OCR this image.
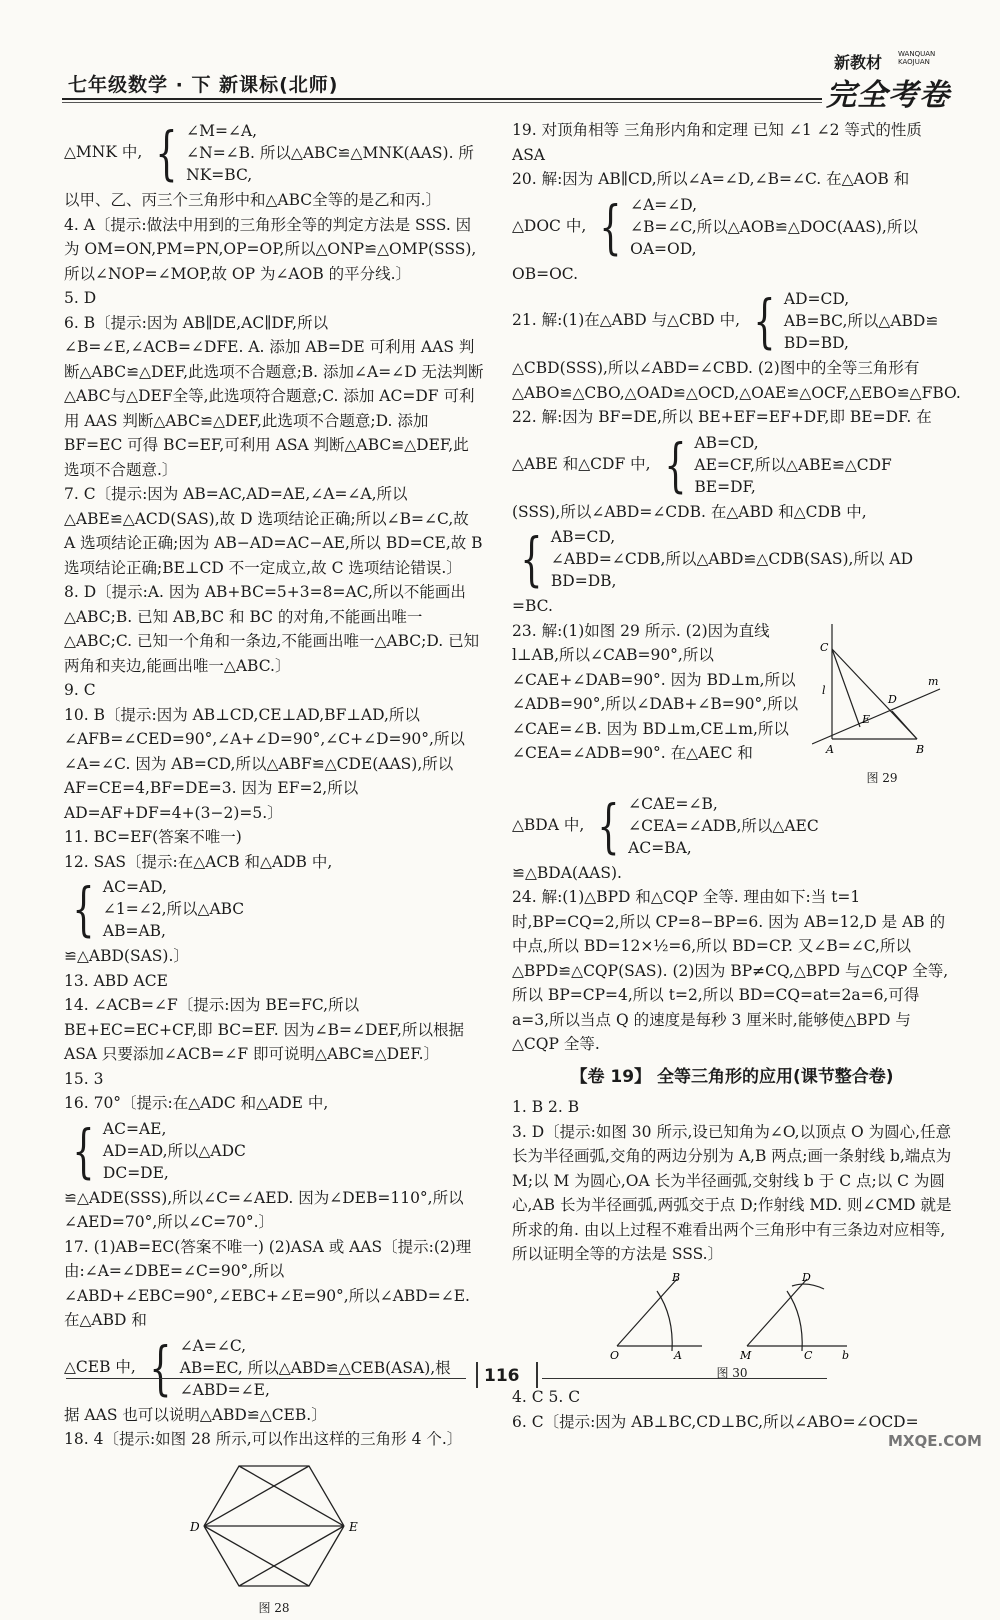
七年级数学 · 下 新课标(北师)
新教材 WANQUAN KAOJUAN
完全考卷
△MNK 中, { ∠M=∠A,
∠N=∠B. 所以△ABC≌△MNK(AAS). 所
NK=BC,
以甲、乙、丙三个三角形中和△ABC全等的是乙和丙.〕
4. A〔提示:做法中用到的三角形全等的判定方法是 SSS. 因为 OM=ON,PM=PN,OP=OP,所以△ONP≌△OMP(SSS),所以∠NOP=∠MOP,故 OP 为∠AOB 的平分线.〕
5. D
6. B〔提示:因为 AB∥DE,AC∥DF,所以∠B=∠E,∠ACB=∠DFE. A. 添加 AB=DE 可利用 AAS 判断△ABC≌△DEF,此选项不合题意;B. 添加∠A=∠D 无法判断△ABC与△DEF全等,此选项符合题意;C. 添加 AC=DF 可利用 AAS 判断△ABC≌△DEF,此选项不合题意;D. 添加 BF=EC 可得 BC=EF,可利用 ASA 判断△ABC≌△DEF,此选项不合题意.〕
7. C〔提示:因为 AB=AC,AD=AE,∠A=∠A,所以△ABE≌△ACD(SAS),故 D 选项结论正确;所以∠B=∠C,故 A 选项结论正确;因为 AB−AD=AC−AE,所以 BD=CE,故 B 选项结论正确;BE⊥CD 不一定成立,故 C 选项结论错误.〕
8. D〔提示:A. 因为 AB+BC=5+3=8=AC,所以不能画出△ABC;B. 已知 AB,BC 和 BC 的对角,不能画出唯一△ABC;C. 已知一个角和一条边,不能画出唯一△ABC;D. 已知两角和夹边,能画出唯一△ABC.〕
9. C
10. B〔提示:因为 AB⊥CD,CE⊥AD,BF⊥AD,所以∠AFB=∠CED=90°,∠A+∠D=90°,∠C+∠D=90°,所以∠A=∠C. 因为 AB=CD,所以△ABF≌△CDE(AAS),所以 AF=CE=4,BF=DE=3. 因为 EF=2,所以 AD=AF+DF=4+(3−2)=5.〕
11. BC=EF(答案不唯一)
12. SAS〔提示:在△ACB 和△ADB 中,
{ AC=AD,
∠1=∠2,所以△ABC
AB=AB,
≌△ABD(SAS).〕
13. ABD ACE
14. ∠ACB=∠F〔提示:因为 BE=FC,所以 BE+EC=EC+CF,即 BC=EF. 因为∠B=∠DEF,所以根据 ASA 只要添加∠ACB=∠F 即可说明△ABC≌△DEF.〕
15. 3
16. 70°〔提示:在△ADC 和△ADE 中,
{ AC=AE,
AD=AD,所以△ADC
DC=DE,
≌△ADE(SSS),所以∠C=∠AED. 因为∠DEB=110°,所以∠AED=70°,所以∠C=70°.〕
17. (1)AB=EC(答案不唯一) (2)ASA 或 AAS〔提示:(2)理由:∠A=∠DBE=∠C=90°,所以∠ABD+∠EBC=90°,∠EBC+∠E=90°,所以∠ABD=∠E. 在△ABD 和
△CEB 中, { ∠A=∠C,
AB=EC, 所以△ABD≌△CEB(ASA),根
∠ABD=∠E,
据 AAS 也可以说明△ABD≌△CEB.〕
18. 4〔提示:如图 28 所示,可以作出这样的三角形 4 个.〕
D	E
图 28
19. 对顶角相等 三角形内角和定理 已知 ∠1 ∠2 等式的性质 ASA
20. 解:因为 AB∥CD,所以∠A=∠D,∠B=∠C. 在△AOB 和
△DOC 中, { ∠A=∠D,
∠B=∠C,所以△AOB≌△DOC(AAS),所以
OA=OD,
OB=OC.
21. 解:(1)在△ABD 与△CBD 中, { AD=CD,
AB=BC,所以△ABD≌
BD=BD,
△CBD(SSS),所以∠ABD=∠CBD. (2)图中的全等三角形有△ABO≌△CBO,△OAD≌△OCD,△OAE≌△OCF,△EBO≌△FBO.
22. 解:因为 BF=DE,所以 BE+EF=EF+DF,即 BE=DF. 在
△ABE 和△CDF 中, { AB=CD,
AE=CF,所以△ABE≌△CDF
BE=DF,
(SSS),所以∠ABD=∠CDB. 在△ABD 和△CDB 中,
{ AB=CD,
∠ABD=∠CDB,所以△ABD≌△CDB(SAS),所以 AD
BD=DB,
=BC.
23. 解:(1)如图 29 所示. (2)因为直线 l⊥AB,所以∠CAB=90°,所以∠CAE+∠DAB=90°. 因为 BD⊥m,所以∠ADB=90°,所以∠DAB+∠B=90°,所以∠CAE=∠B. 因为 BD⊥m,CE⊥m,所以∠CEA=∠ADB=90°. 在△AEC 和
C
l
D
m
E
A	B
图 29
△BDA 中, { ∠CAE=∠B,
∠CEA=∠ADB,所以△AEC
AC=BA,
≌△BDA(AAS).
24. 解:(1)△BPD 和△CQP 全等. 理由如下:当 t=1 时,BP=CQ=2,所以 CP=8−BP=6. 因为 AB=12,D 是 AB 的中点,所以 BD=12×½=6,所以 BD=CP. 又∠B=∠C,所以△BPD≌△CQP(SAS). (2)因为 BP≠CQ,△BPD 与△CQP 全等,所以 BP=CP=4,所以 t=2,所以 BD=CQ=at=2a=6,可得 a=3,所以当点 Q 的速度是每秒 3 厘米时,能够使△BPD 与△CQP 全等.
【卷 19】 全等三角形的应用(课节整合卷)
1. B 2. B
3. D〔提示:如图 30 所示,设已知角为∠O,以顶点 O 为圆心,任意长为半径画弧,交角的两边分别为 A,B 两点;画一条射线 b,端点为 M;以 M 为圆心,OA 长为半径画弧,交射线 b 于 C 点;以 C 为圆心,AB 长为半径画弧,两弧交于点 D;作射线 MD. 则∠CMD 就是所求的角. 由以上过程不难看出两个三角形中有三条边对应相等,所以证明全等的方法是 SSS.〕
B
O	A
D
M	C	b
图 30
4. C 5. C
6. C〔提示:因为 AB⊥BC,CD⊥BC,所以∠ABO=∠OCD=
116
MXQE.COM
